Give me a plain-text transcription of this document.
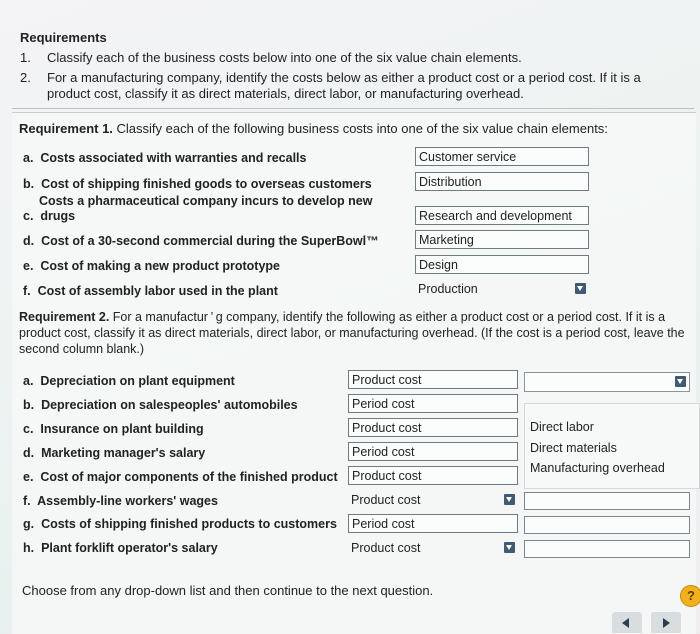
Requirements
1.	Classify each of the business costs below into one of the six value chain elements.
2.	For a manufacturing company, identify the costs below as either a product cost or a period cost. If it is a product cost, classify it as direct materials, direct labor, or manufacturing overhead.
Requirement 1. Classify each of the following business costs into one of the six value chain elements:
a. Costs associated with warranties and recalls	Customer service
b. Cost of shipping finished goods to overseas customers	Distribution
Costs a pharmaceutical company incurs to develop new
c. drugs	Research and development
d. Cost of a 30-second commercial during the SuperBowl™	Marketing
e. Cost of making a new product prototype	Design
f. Cost of assembly labor used in the plant	Production
Requirement 2. For a manufactur ’ g company, identify the following as either a product cost or a period cost. If it is a product cost, classify it as direct materials, direct labor, or manufacturing overhead. (If the cost is a period cost, leave the second column blank.)
a. Depreciation on plant equipment	Product cost
b. Depreciation on salespeoples' automobiles	Period cost
c. Insurance on plant building	Product cost
d. Marketing manager's salary	Period cost
e. Cost of major components of the finished product	Product cost
f. Assembly-line workers' wages	Product cost
g. Costs of shipping finished products to customers	Period cost
h. Plant forklift operator's salary	Product cost
Direct labor
Direct materials
Manufacturing overhead
Choose from any drop-down list and then continue to the next question.	?
